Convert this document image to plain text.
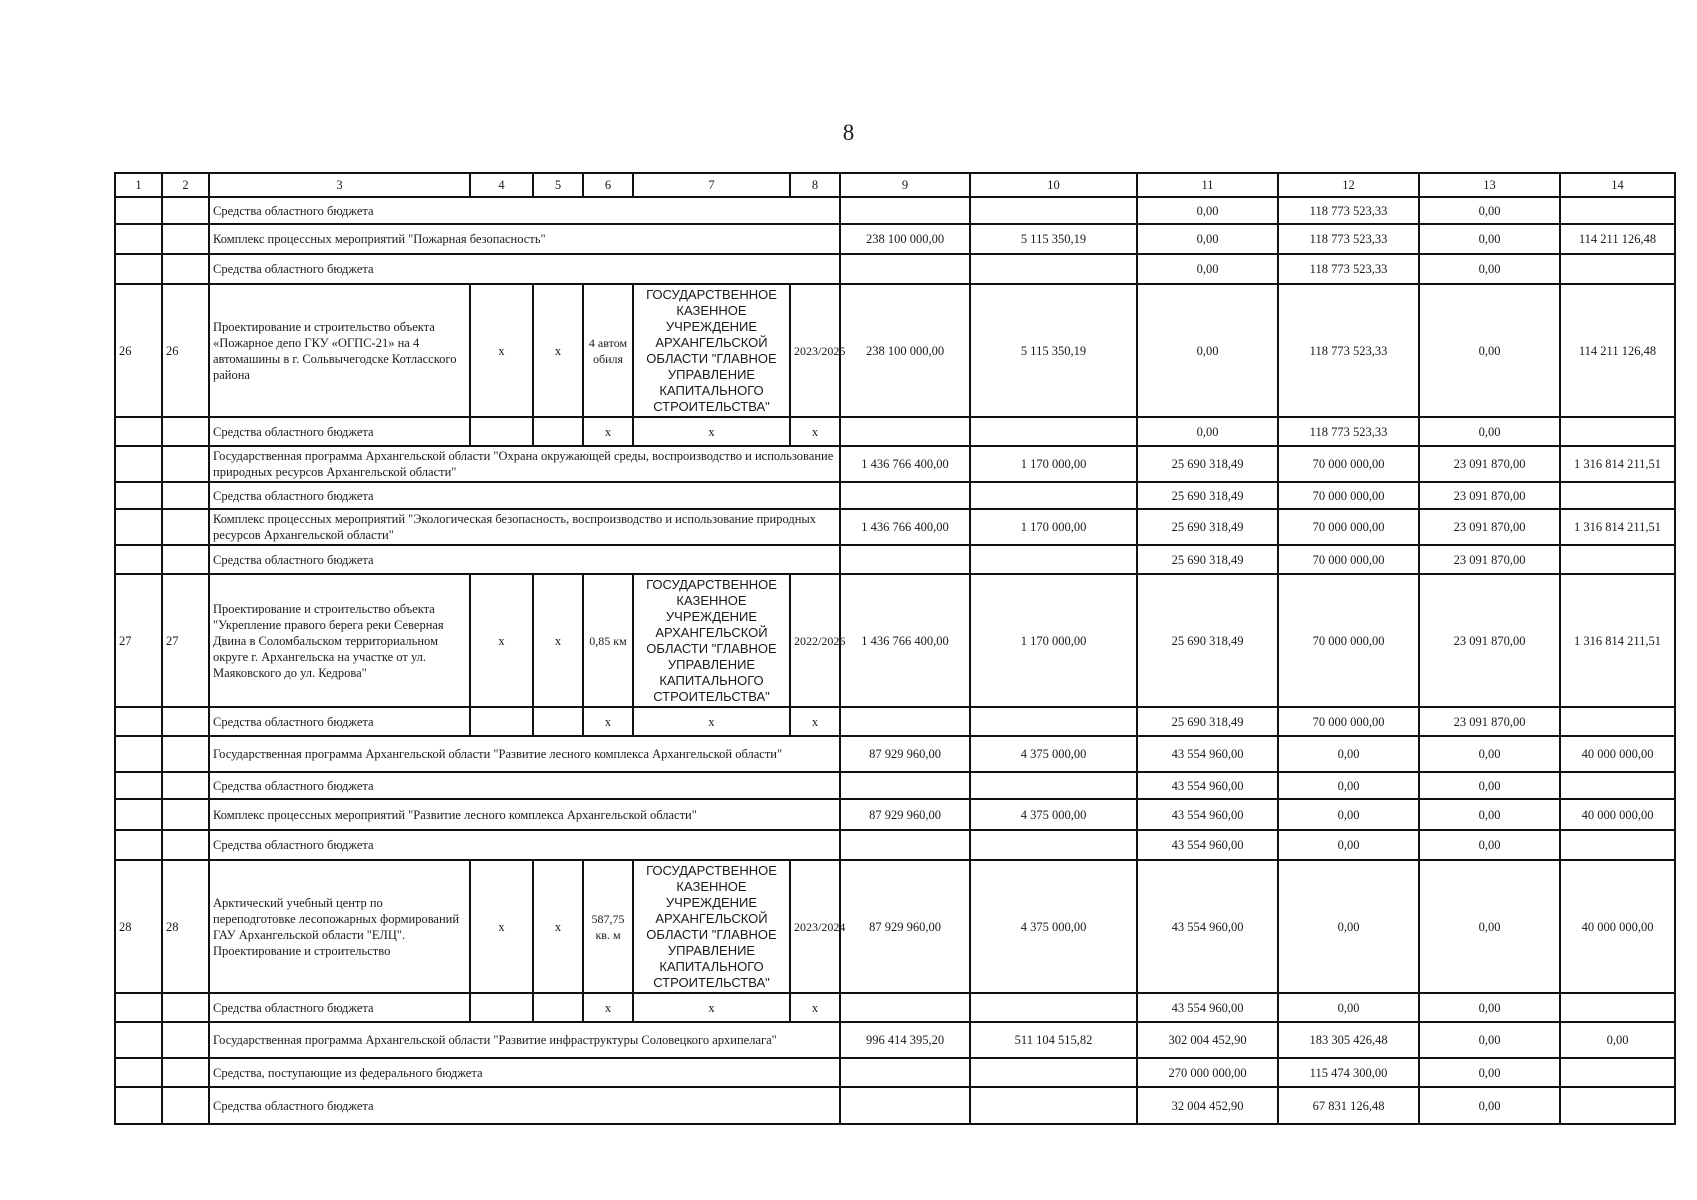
8
1	2	3	4	5	6	7	8	9	10	11	12	13	14
		Средства областного бюджета								0,00	118 773 523,33	0,00	
		Комплекс процессных мероприятий "Пожарная безопасность"						238 100 000,00	5 115 350,19	0,00	118 773 523,33	0,00	114 211 126,48
		Средства областного бюджета								0,00	118 773 523,33	0,00	
26	26	Проектирование и строительство объекта «Пожарное депо ГКУ «ОГПС-21» на 4 автомашины в г. Сольвычегодске Котласского района	x	x	4 автом обиля	ГОСУДАРСТВЕННОЕ КАЗЕННОЕ УЧРЕЖДЕНИЕ АРХАНГЕЛЬСКОЙ ОБЛАСТИ "ГЛАВНОЕ УПРАВЛЕНИЕ КАПИТАЛЬНОГО СТРОИТЕЛЬСТВА"	2023/2025	238 100 000,00	5 115 350,19	0,00	118 773 523,33	0,00	114 211 126,48
		Средства областного бюджета			x	x	x			0,00	118 773 523,33	0,00	
		Государственная программа Архангельской области "Охрана окружающей среды, воспроизводство и использование природных ресурсов Архангельской области"						1 436 766 400,00	1 170 000,00	25 690 318,49	70 000 000,00	23 091 870,00	1 316 814 211,51
		Средства областного бюджета								25 690 318,49	70 000 000,00	23 091 870,00	
		Комплекс процессных мероприятий "Экологическая безопасность, воспроизводство и использование природных ресурсов Архангельской области"						1 436 766 400,00	1 170 000,00	25 690 318,49	70 000 000,00	23 091 870,00	1 316 814 211,51
		Средства областного бюджета								25 690 318,49	70 000 000,00	23 091 870,00	
27	27	Проектирование и строительство объекта "Укрепление правого берега реки Северная Двина в Соломбальском территориальном округе г. Архангельска на участке от ул. Маяковского до ул. Кедрова"	x	x	0,85 км	ГОСУДАРСТВЕННОЕ КАЗЕННОЕ УЧРЕЖДЕНИЕ АРХАНГЕЛЬСКОЙ ОБЛАСТИ "ГЛАВНОЕ УПРАВЛЕНИЕ КАПИТАЛЬНОГО СТРОИТЕЛЬСТВА"	2022/2026	1 436 766 400,00	1 170 000,00	25 690 318,49	70 000 000,00	23 091 870,00	1 316 814 211,51
		Средства областного бюджета			x	x	x			25 690 318,49	70 000 000,00	23 091 870,00	
		Государственная программа Архангельской области "Развитие лесного комплекса Архангельской области"						87 929 960,00	4 375 000,00	43 554 960,00	0,00	0,00	40 000 000,00
		Средства областного бюджета								43 554 960,00	0,00	0,00	
		Комплекс процессных мероприятий "Развитие лесного комплекса Архангельской области"						87 929 960,00	4 375 000,00	43 554 960,00	0,00	0,00	40 000 000,00
		Средства областного бюджета								43 554 960,00	0,00	0,00	
28	28	Арктический учебный центр по переподготовке лесопожарных формирований ГАУ Архангельской области "ЕЛЦ". Проектирование и строительство	x	x	587,75 кв. м	ГОСУДАРСТВЕННОЕ КАЗЕННОЕ УЧРЕЖДЕНИЕ АРХАНГЕЛЬСКОЙ ОБЛАСТИ "ГЛАВНОЕ УПРАВЛЕНИЕ КАПИТАЛЬНОГО СТРОИТЕЛЬСТВА"	2023/2024	87 929 960,00	4 375 000,00	43 554 960,00	0,00	0,00	40 000 000,00
		Средства областного бюджета			x	x	x			43 554 960,00	0,00	0,00	
		Государственная программа Архангельской области "Развитие инфраструктуры Соловецкого архипелага"						996 414 395,20	511 104 515,82	302 004 452,90	183 305 426,48	0,00	0,00
		Средства, поступающие из федерального бюджета								270 000 000,00	115 474 300,00	0,00	
		Средства областного бюджета								32 004 452,90	67 831 126,48	0,00	
